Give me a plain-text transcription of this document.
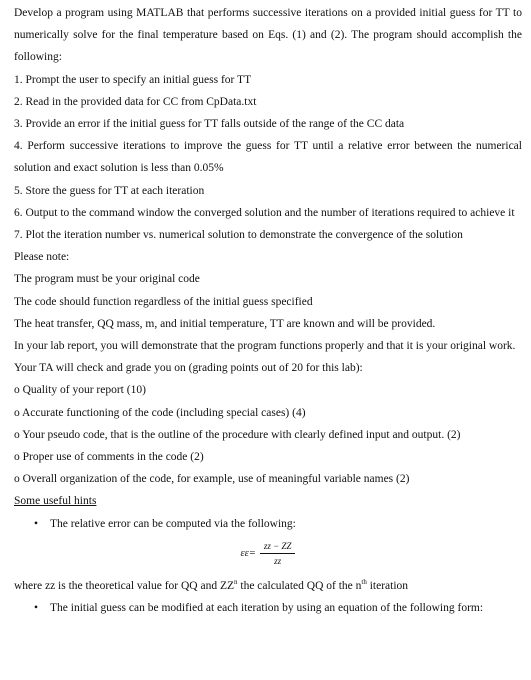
Develop a program using MATLAB that performs successive iterations on a provided initial guess for TT to numerically solve for the final temperature based on Eqs. (1) and (2). The program should accomplish the following:

1. Prompt the user to specify an initial guess for TT

2. Read in the provided data for CC from CpData.txt

3. Provide an error if the initial guess for TT falls outside of the range of the CC data

4. Perform successive iterations to improve the guess for TT until a relative error between the numerical solution and exact solution is less than 0.05%

5. Store the guess for TT at each iteration

6. Output to the command window the converged solution and the number of iterations required to achieve it

7. Plot the iteration number vs. numerical solution to demonstrate the convergence of the solution

Please note:

The program must be your original code

The code should function regardless of the initial guess specified

The heat transfer, QQ mass, m, and initial temperature, TT are known and will be provided.

In your lab report, you will demonstrate that the program functions properly and that it is your original work.

Your TA will check and grade you on (grading points out of 20 for this lab):

o Quality of your report (10)

o Accurate functioning of the code (including special cases) (4)

o Your pseudo code, that is the outline of the procedure with clearly defined input and output. (2)

o Proper use of comments in the code (2)

o Overall organization of the code, for example, use of meaningful variable names (2)

Some useful hints

•	The relative error can be computed via the following:
$\varepsilon\varepsilon= \frac{zz - ZZ}{zz}$

where zz is the theoretical value for QQ and $ZZ^n$ the calculated QQ of the $n^{th}$ iteration

•	The initial guess can be modified at each iteration by using an equation of the following form:
